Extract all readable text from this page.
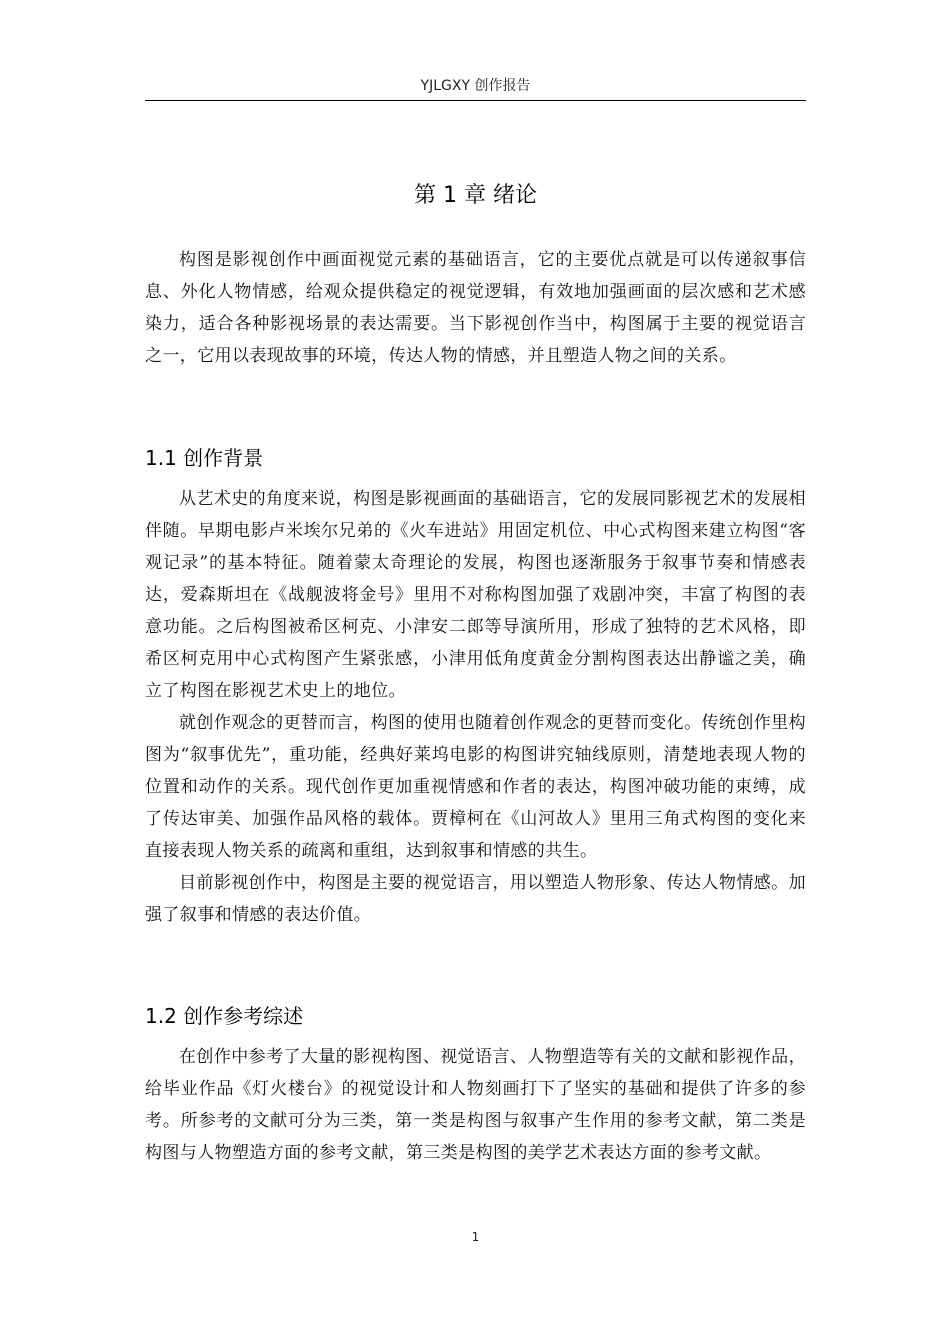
YJLGXY 创作报告
第 1 章 绪论

构图是影视创作中画面视觉元素的基础语言，它的主要优点就是可以传递叙事信息、外化人物情感，给观众提供稳定的视觉逻辑，有效地加强画面的层次感和艺术感染力，适合各种影视场景的表达需要。当下影视创作当中，构图属于主要的视觉语言之一，它用以表现故事的环境，传达人物的情感，并且塑造人物之间的关系。

1.1 创作背景

从艺术史的角度来说，构图是影视画面的基础语言，它的发展同影视艺术的发展相伴随。早期电影卢米埃尔兄弟的《火车进站》用固定机位、中心式构图来建立构图“客观记录”的基本特征。随着蒙太奇理论的发展，构图也逐渐服务于叙事节奏和情感表达，爱森斯坦在《战舰波将金号》里用不对称构图加强了戏剧冲突，丰富了构图的表意功能。之后构图被希区柯克、小津安二郎等导演所用，形成了独特的艺术风格，即希区柯克用中心式构图产生紧张感，小津用低角度黄金分割构图表达出静谧之美，确立了构图在影视艺术史上的地位。

就创作观念的更替而言，构图的使用也随着创作观念的更替而变化。传统创作里构图为“叙事优先”，重功能，经典好莱坞电影的构图讲究轴线原则，清楚地表现人物的位置和动作的关系。现代创作更加重视情感和作者的表达，构图冲破功能的束缚，成了传达审美、加强作品风格的载体。贾樟柯在《山河故人》里用三角式构图的变化来直接表现人物关系的疏离和重组，达到叙事和情感的共生。

目前影视创作中，构图是主要的视觉语言，用以塑造人物形象、传达人物情感。加强了叙事和情感的表达价值。

1.2 创作参考综述

在创作中参考了大量的影视构图、视觉语言、人物塑造等有关的文献和影视作品，给毕业作品《灯火楼台》的视觉设计和人物刻画打下了坚实的基础和提供了许多的参考。所参考的文献可分为三类，第一类是构图与叙事产生作用的参考文献，第二类是构图与人物塑造方面的参考文献，第三类是构图的美学艺术表达方面的参考文献。

1
